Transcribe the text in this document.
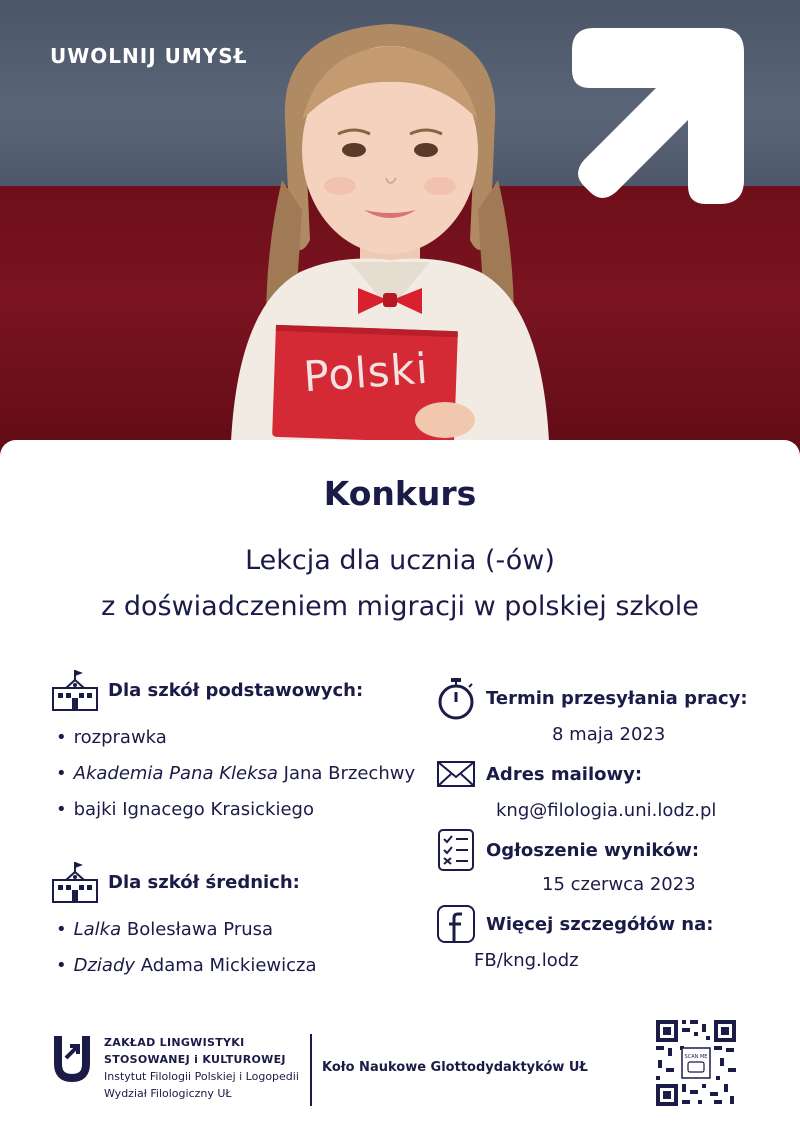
UWOLNIJ UMYSŁ
Polski
Konkurs
Lekcja dla ucznia (-ów)
z doświadczeniem migracji w polskiej szkole
Dla szkół podstawowych:
• rozprawka
• Akademia Pana Kleksa Jana Brzechwy
• bajki Ignacego Krasickiego
Dla szkół średnich:
• Lalka Bolesława Prusa
• Dziady Adama Mickiewicza
Termin przesyłania pracy:
8 maja 2023
Adres mailowy:
kng@filologia.uni.lodz.pl
Ogłoszenie wyników:
15 czerwca 2023
Więcej szczegółów na:
FB/kng.lodz
ZAKŁAD LINGWISTYKI
STOSOWANEJ i KULTUROWEJ
Instytut Filologii Polskiej i Logopedii
Wydział Filologiczny UŁ
Koło Naukowe Glottodydaktyków UŁ
SCAN ME
